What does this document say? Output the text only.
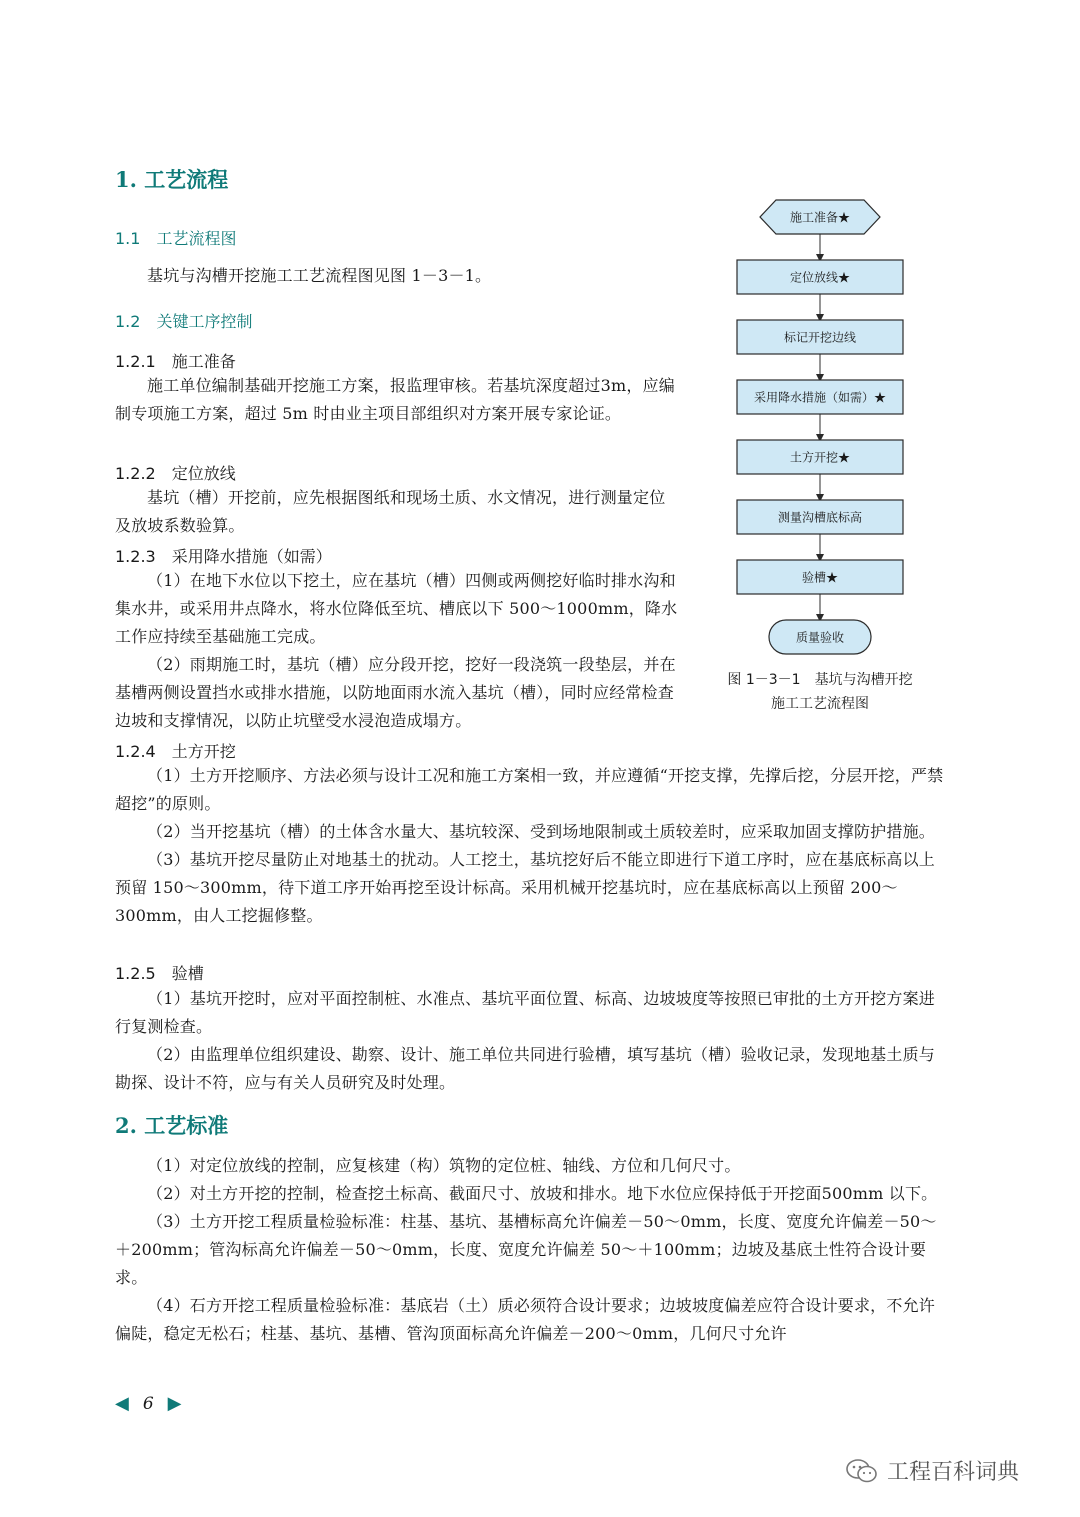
1. 工艺流程
1.1　工艺流程图

基坑与沟槽开挖施工工艺流程图见图 1－3－1。

1.2　关键工序控制
1.2.1　施工准备

施工单位编制基础开挖施工方案，报监理审核。若基坑深度超过3m，应编制专项施工方案，超过 5m 时由业主项目部组织对方案开展专家论证。

1.2.2　定位放线

基坑（槽）开挖前，应先根据图纸和现场土质、水文情况，进行测量定位及放坡系数验算。

1.2.3　采用降水措施（如需）

（1）在地下水位以下挖土，应在基坑（槽）四侧或两侧挖好临时排水沟和集水井，或采用井点降水，将水位降低至坑、槽底以下 500～1000mm，降水工作应持续至基础施工完成。

（2）雨期施工时，基坑（槽）应分段开挖，挖好一段浇筑一段垫层，并在基槽两侧设置挡水或排水措施，以防地面雨水流入基坑（槽），同时应经常检查边坡和支撑情况，以防止坑壁受水浸泡造成塌方。

1.2.4　土方开挖

（1）土方开挖顺序、方法必须与设计工况和施工方案相一致，并应遵循“开挖支撑，先撑后挖，分层开挖，严禁超挖”的原则。

（2）当开挖基坑（槽）的土体含水量大、基坑较深、受到场地限制或土质较差时，应采取加固支撑防护措施。

（3）基坑开挖尽量防止对地基土的扰动。人工挖土，基坑挖好后不能立即进行下道工序时，应在基底标高以上预留 150～300mm，待下道工序开始再挖至设计标高。采用机械开挖基坑时，应在基底标高以上预留 200～300mm，由人工挖掘修整。

1.2.5　验槽

（1）基坑开挖时，应对平面控制桩、水准点、基坑平面位置、标高、边坡坡度等按照已审批的土方开挖方案进行复测检查。

（2）由监理单位组织建设、勘察、设计、施工单位共同进行验槽，填写基坑（槽）验收记录，发现地基土质与勘探、设计不符，应与有关人员研究及时处理。

2. 工艺标准

（1）对定位放线的控制，应复核建（构）筑物的定位桩、轴线、方位和几何尺寸。

（2）对土方开挖的控制，检查挖土标高、截面尺寸、放坡和排水。地下水位应保持低于开挖面500mm 以下。

（3）土方开挖工程质量检验标准：柱基、基坑、基槽标高允许偏差－50～0mm，长度、宽度允许偏差－50～＋200mm；管沟标高允许偏差－50～0mm，长度、宽度允许偏差 50～＋100mm；边坡及基底土性符合设计要求。

（4）石方开挖工程质量检验标准：基底岩（土）质必须符合设计要求；边坡坡度偏差应符合设计要求，不允许偏陡，稳定无松石；柱基、基坑、基槽、管沟顶面标高允许偏差－200～0mm，几何尺寸允许

施工准备★
定位放线★
标记开挖边线
采用降水措施（如需）★
土方开挖★
测量沟槽底标高
验槽★
质量验收
图 1－3－1　基坑与沟槽开挖
施工工艺流程图
◀ 6 ▶
工程百科词典
